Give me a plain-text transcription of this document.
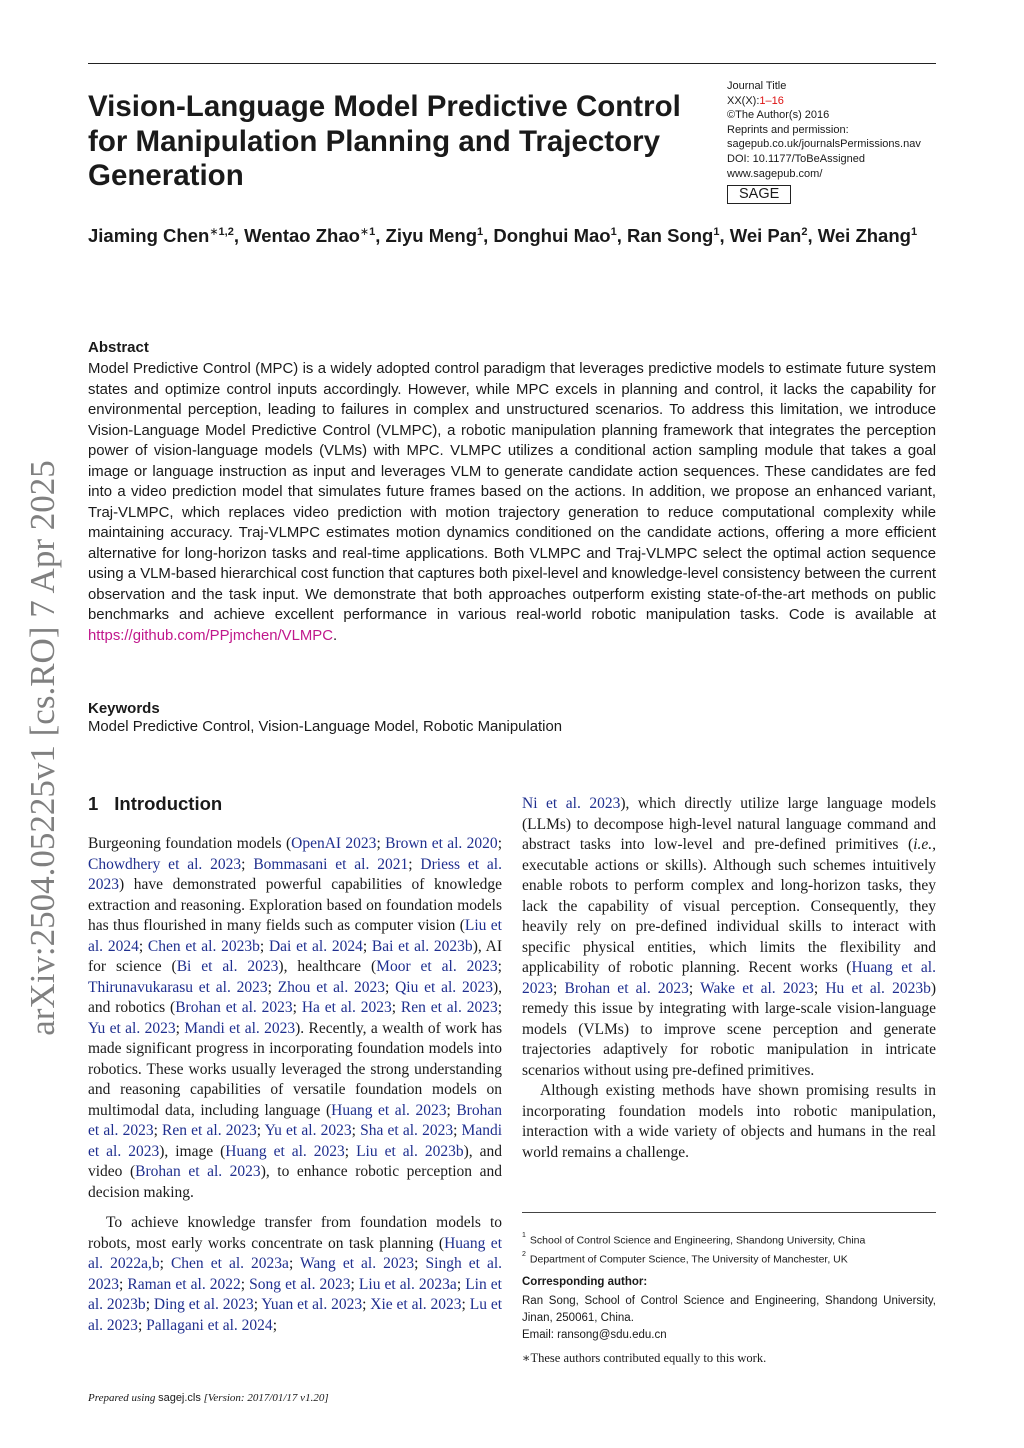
Vision-Language Model Predictive Control for Manipulation Planning and Trajectory Generation
Journal Title
XX(X):1–16
©The Author(s) 2016
Reprints and permission:
sagepub.co.uk/journalsPermissions.nav
DOI: 10.1177/ToBeAssigned
www.sagepub.com/
SAGE
Jiaming Chen$^{∗1,2}$, Wentao Zhao$^{∗1}$, Ziyu Meng$^1$, Donghui Mao$^1$, Ran Song$^1$, Wei Pan$^2$, Wei Zhang$^1$
Abstract

Model Predictive Control (MPC) is a widely adopted control paradigm that leverages predictive models to estimate future system states and optimize control inputs accordingly. However, while MPC excels in planning and control, it lacks the capability for environmental perception, leading to failures in complex and unstructured scenarios. To address this limitation, we introduce Vision-Language Model Predictive Control (VLMPC), a robotic manipulation planning framework that integrates the perception power of vision-language models (VLMs) with MPC. VLMPC utilizes a conditional action sampling module that takes a goal image or language instruction as input and leverages VLM to generate candidate action sequences. These candidates are fed into a video prediction model that simulates future frames based on the actions. In addition, we propose an enhanced variant, Traj-VLMPC, which replaces video prediction with motion trajectory generation to reduce computational complexity while maintaining accuracy. Traj-VLMPC estimates motion dynamics conditioned on the candidate actions, offering a more efficient alternative for long-horizon tasks and real-time applications. Both VLMPC and Traj-VLMPC select the optimal action sequence using a VLM-based hierarchical cost function that captures both pixel-level and knowledge-level consistency between the current observation and the task input. We demonstrate that both approaches outperform existing state-of-the-art methods on public benchmarks and achieve excellent performance in various real-world robotic manipulation tasks. Code is available at https://github.com/PPjmchen/VLMPC.

Keywords
Model Predictive Control, Vision-Language Model, Robotic Manipulation
1 Introduction

Burgeoning foundation models (OpenAI 2023; Brown et al. 2020; Chowdhery et al. 2023; Bommasani et al. 2021; Driess et al. 2023) have demonstrated powerful capabilities of knowledge extraction and reasoning. Exploration based on foundation models has thus flourished in many fields such as computer vision (Liu et al. 2024; Chen et al. 2023b; Dai et al. 2024; Bai et al. 2023b), AI for science (Bi et al. 2023), healthcare (Moor et al. 2023; Thirunavukarasu et al. 2023; Zhou et al. 2023; Qiu et al. 2023), and robotics (Brohan et al. 2023; Ha et al. 2023; Ren et al. 2023; Yu et al. 2023; Mandi et al. 2023). Recently, a wealth of work has made significant progress in incorporating foundation models into robotics. These works usually leveraged the strong understanding and reasoning capabilities of versatile foundation models on multimodal data, including language (Huang et al. 2023; Brohan et al. 2023; Ren et al. 2023; Yu et al. 2023; Sha et al. 2023; Mandi et al. 2023), image (Huang et al. 2023; Liu et al. 2023b), and video (Brohan et al. 2023), to enhance robotic perception and decision making.

To achieve knowledge transfer from foundation models to robots, most early works concentrate on task planning (Huang et al. 2022a,b; Chen et al. 2023a; Wang et al. 2023; Singh et al. 2023; Raman et al. 2022; Song et al. 2023; Liu et al. 2023a; Lin et al. 2023b; Ding et al. 2023; Yuan et al. 2023; Xie et al. 2023; Lu et al. 2023; Pallagani et al. 2024;

Ni et al. 2023), which directly utilize large language models (LLMs) to decompose high-level natural language command and abstract tasks into low-level and pre-defined primitives (i.e., executable actions or skills). Although such schemes intuitively enable robots to perform complex and long-horizon tasks, they lack the capability of visual perception. Consequently, they heavily rely on pre-defined individual skills to interact with specific physical entities, which limits the flexibility and applicability of robotic planning. Recent works (Huang et al. 2023; Brohan et al. 2023; Wake et al. 2023; Hu et al. 2023b) remedy this issue by integrating with large-scale vision-language models (VLMs) to improve scene perception and generate trajectories adaptively for robotic manipulation in intricate scenarios without using pre-defined primitives.

Although existing methods have shown promising results in incorporating foundation models into robotic manipulation, interaction with a wide variety of objects and humans in the real world remains a challenge.

$^1$ School of Control Science and Engineering, Shandong University, China
$^2$ Department of Computer Science, The University of Manchester, UK
Corresponding author:
Ran Song, School of Control Science and Engineering, Shandong University, Jinan, 250061, China.
Email: ransong@sdu.edu.cn
∗These authors contributed equally to this work.
Prepared using sagej.cls [Version: 2017/01/17 v1.20]
arXiv:2504.05225v1 [cs.RO] 7 Apr 2025
